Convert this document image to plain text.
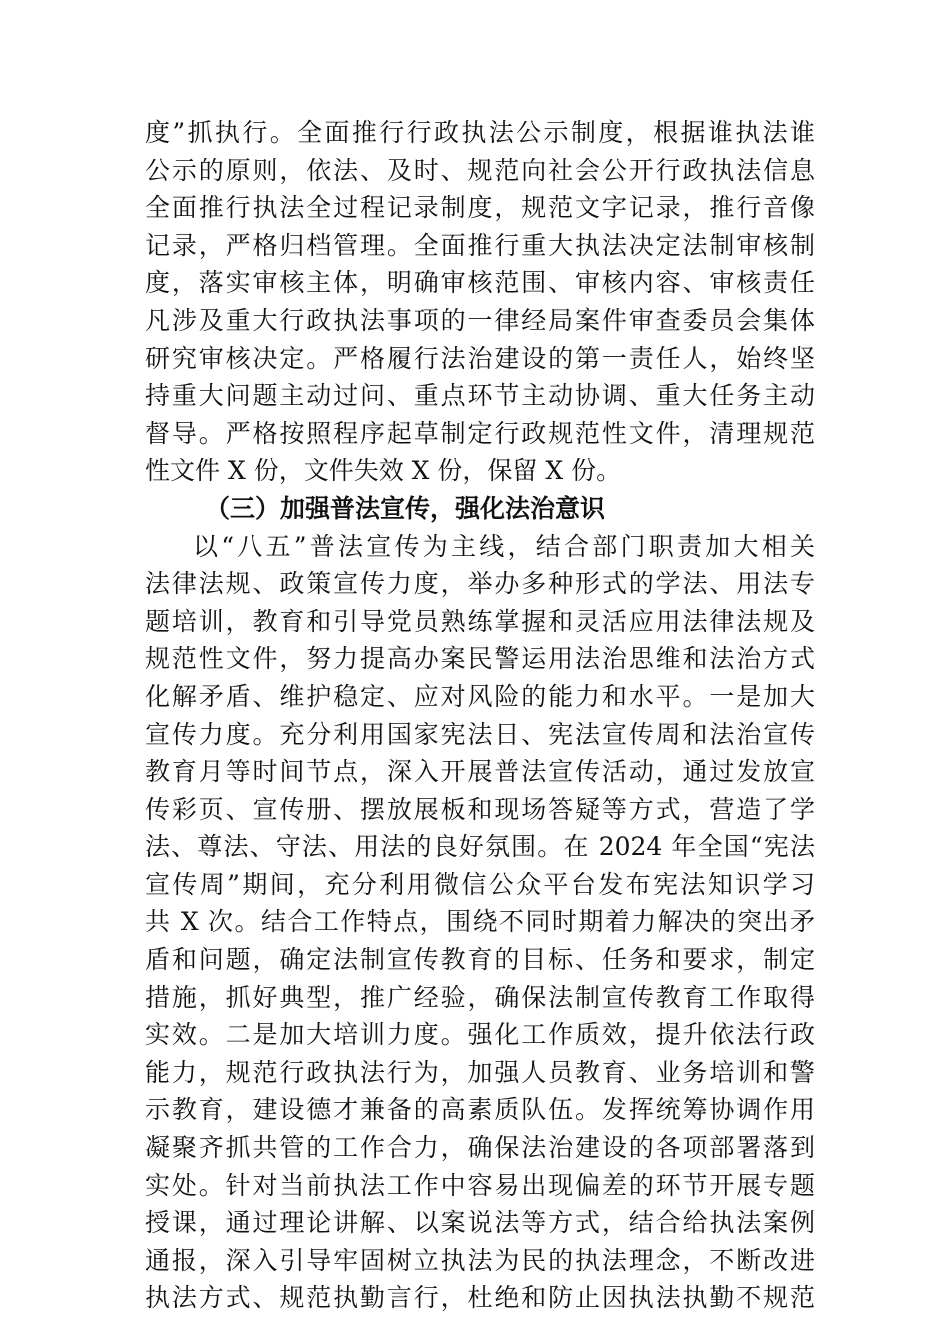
度”抓执行。全面推行行政执法公示制度，根据谁执法谁
公示的原则，依法、及时、规范向社会公开行政执法信息
全面推行执法全过程记录制度，规范文字记录，推行音像
记录，严格归档管理。全面推行重大执法决定法制审核制
度，落实审核主体，明确审核范围、审核内容、审核责任
凡涉及重大行政执法事项的一律经局案件审查委员会集体
研究审核决定。严格履行法治建设的第一责任人，始终坚
持重大问题主动过问、重点环节主动协调、重大任务主动
督导。严格按照程序起草制定行政规范性文件，清理规范
性文件 X 份，文件失效 X 份，保留 X 份。
（三）加强普法宣传，强化法治意识
以“八五”普法宣传为主线，结合部门职责加大相关
法律法规、政策宣传力度，举办多种形式的学法、用法专
题培训，教育和引导党员熟练掌握和灵活应用法律法规及
规范性文件，努力提高办案民警运用法治思维和法治方式
化解矛盾、维护稳定、应对风险的能力和水平。一是加大
宣传力度。充分利用国家宪法日、宪法宣传周和法治宣传
教育月等时间节点，深入开展普法宣传活动，通过发放宣
传彩页、宣传册、摆放展板和现场答疑等方式，营造了学
法、尊法、守法、用法的良好氛围。在 2024 年全国“宪法
宣传周”期间，充分利用微信公众平台发布宪法知识学习
共 X 次。结合工作特点，围绕不同时期着力解决的突出矛
盾和问题，确定法制宣传教育的目标、任务和要求，制定
措施，抓好典型，推广经验，确保法制宣传教育工作取得
实效。二是加大培训力度。强化工作质效，提升依法行政
能力，规范行政执法行为，加强人员教育、业务培训和警
示教育，建设德才兼备的高素质队伍。发挥统筹协调作用
凝聚齐抓共管的工作合力，确保法治建设的各项部署落到
实处。针对当前执法工作中容易出现偏差的环节开展专题
授课，通过理论讲解、以案说法等方式，结合给执法案例
通报，深入引导牢固树立执法为民的执法理念，不断改进
执法方式、规范执勤言行，杜绝和防止因执法执勤不规范
